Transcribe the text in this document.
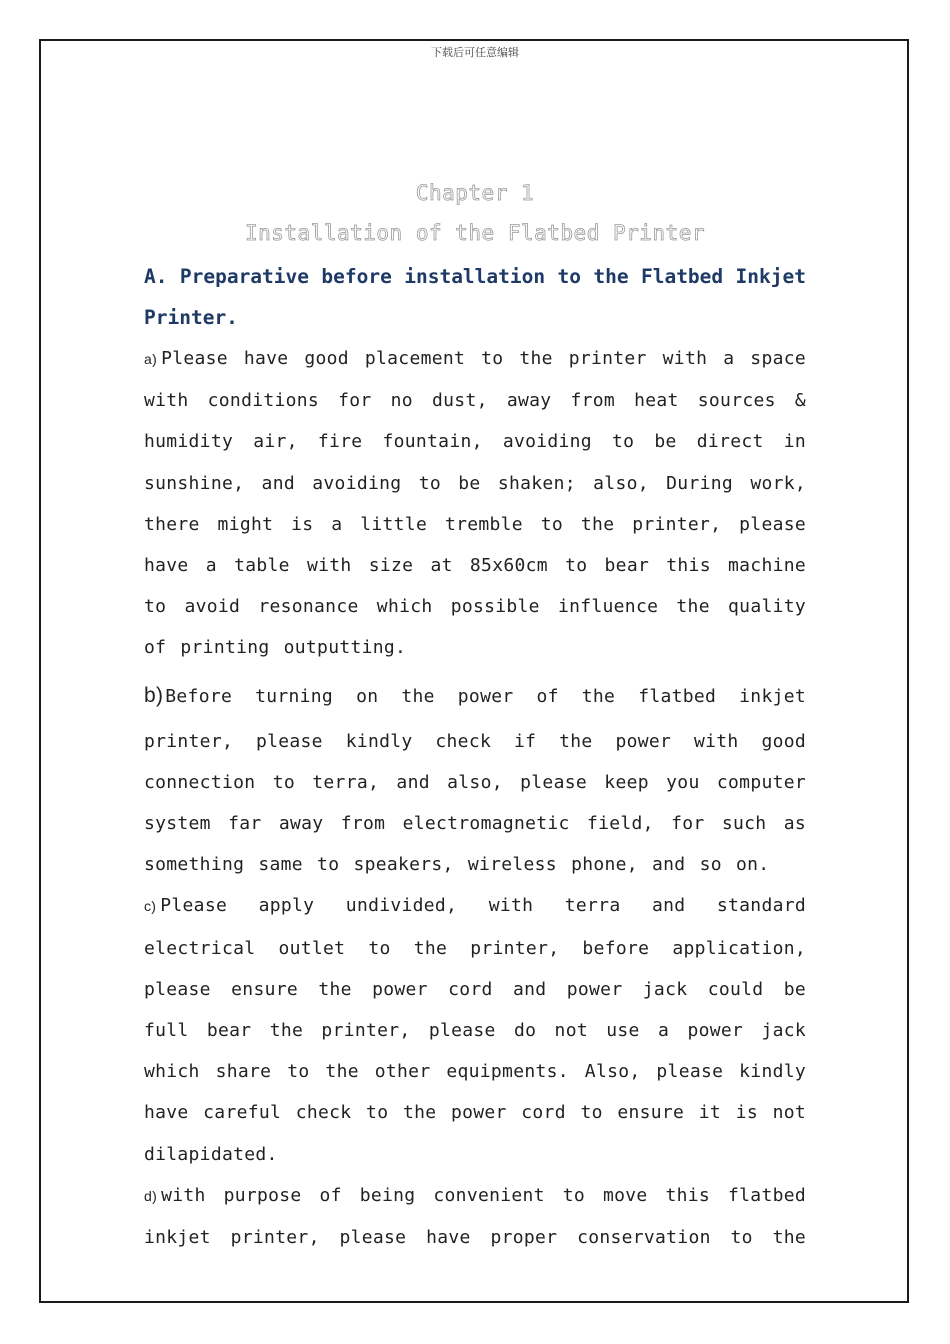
下载后可任意编辑
Chapter 1
Installation of the Flatbed Printer

A. Preparative before installation to the Flatbed Inkjet Printer.

a) Please have good placement to the printer with a space with conditions for no dust, away from heat sources & humidity air, fire fountain, avoiding to be direct in sunshine, and avoiding to be shaken; also, During work, there might is a little tremble to the printer, please have a table with size at 85x60cm to bear this machine to avoid resonance which possible influence the quality of printing outputting.

b) Before turning on the power of the flatbed inkjet

printer, please kindly check if the power with good connection to terra, and also, please keep you computer system far away from electromagnetic field, for such as something same to speakers, wireless phone, and so on.

c) Please apply undivided, with terra and standard electrical outlet to the printer, before application, please ensure the power cord and power jack could be full bear the printer, please do not use a power jack which share to the other equipments. Also, please kindly have careful check to the power cord to ensure it is not dilapidated.

d) with purpose of being convenient to move this flatbed inkjet printer, please have proper conservation to the
